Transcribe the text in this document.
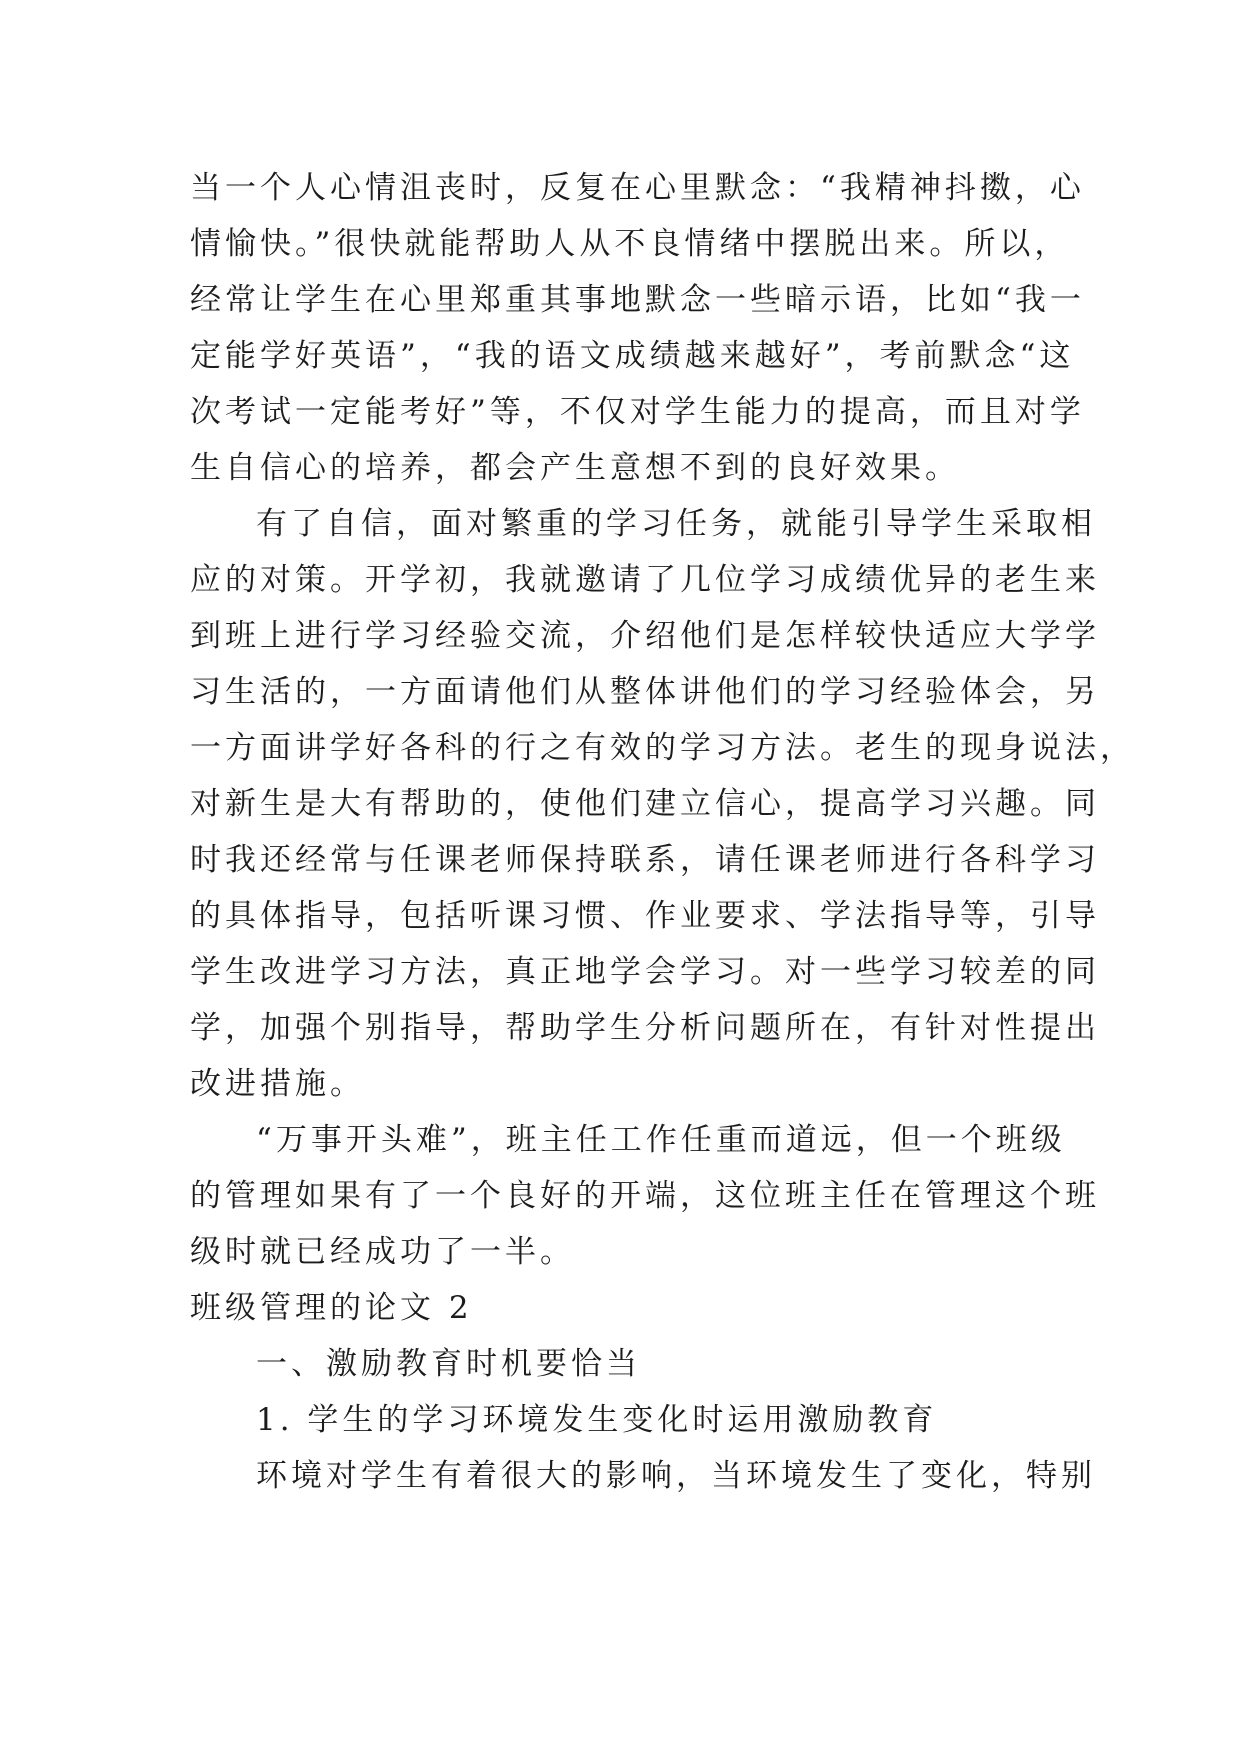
当一个人心情沮丧时，反复在心里默念：“我精神抖擞，心
情愉快。”很快就能帮助人从不良情绪中摆脱出来。所以，
经常让学生在心里郑重其事地默念一些暗示语，比如“我一
定能学好英语”，“我的语文成绩越来越好”，考前默念“这
次考试一定能考好”等，不仅对学生能力的提高，而且对学
生自信心的培养，都会产生意想不到的良好效果。
有了自信，面对繁重的学习任务，就能引导学生采取相
应的对策。开学初，我就邀请了几位学习成绩优异的老生来
到班上进行学习经验交流，介绍他们是怎样较快适应大学学
习生活的，一方面请他们从整体讲他们的学习经验体会，另
一方面讲学好各科的行之有效的学习方法。老生的现身说法，
对新生是大有帮助的，使他们建立信心，提高学习兴趣。同
时我还经常与任课老师保持联系，请任课老师进行各科学习
的具体指导，包括听课习惯、作业要求、学法指导等，引导
学生改进学习方法，真正地学会学习。对一些学习较差的同
学，加强个别指导，帮助学生分析问题所在，有针对性提出
改进措施。
“万事开头难”，班主任工作任重而道远，但一个班级
的管理如果有了一个良好的开端，这位班主任在管理这个班
级时就已经成功了一半。
班级管理的论文 2
一、激励教育时机要恰当
1. 学生的学习环境发生变化时运用激励教育
环境对学生有着很大的影响，当环境发生了变化，特别
